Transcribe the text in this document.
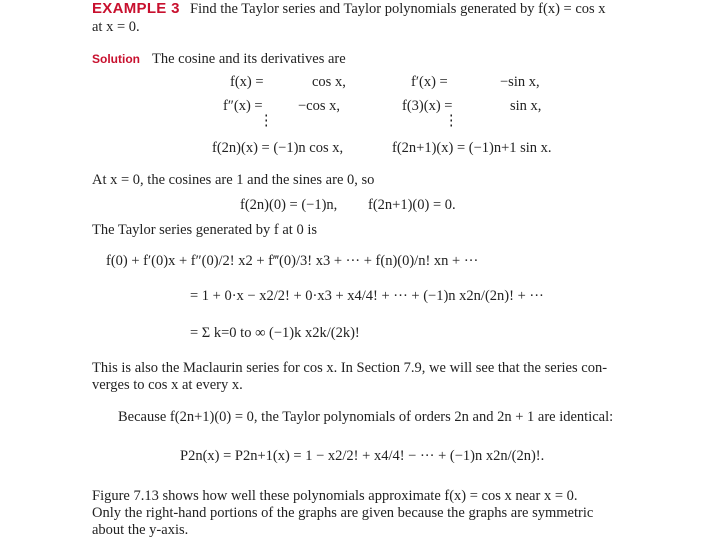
EXAMPLE 3 Find the Taylor series and Taylor polynomials generated by f(x) = cos x
at x = 0.
Solution The cosine and its derivatives are
f(x) =	cos x,	f′(x) =	−sin x,
f″(x) = −cos x,	f(3)(x) =	sin x,
⋮	⋮
f(2n)(x) = (−1)n cos x,	f(2n+1)(x) = (−1)n+1 sin x.
At x = 0, the cosines are 1 and the sines are 0, so
f(2n)(0) = (−1)n, f(2n+1)(0) = 0.
The Taylor series generated by f at 0 is
f(0) + f′(0)x + f″(0)/2! x2 + f‴(0)/3! x3 + ··· + f(n)(0)/n! xn + ···
= 1 + 0·x − x2/2! + 0·x3 + x4/4! + ··· + (−1)n x2n/(2n)! + ···
= Σ k=0 to ∞ (−1)k x2k/(2k)!
This is also the Maclaurin series for cos x. In Section 7.9, we will see that the series con-
verges to cos x at every x.
Because f(2n+1)(0) = 0, the Taylor polynomials of orders 2n and 2n + 1 are identical:
P2n(x) = P2n+1(x) = 1 − x2/2! + x4/4! − ··· + (−1)n x2n/(2n)!.
Figure 7.13 shows how well these polynomials approximate f(x) = cos x near x = 0.
Only the right-hand portions of the graphs are given because the graphs are symmetric
about the y-axis.
